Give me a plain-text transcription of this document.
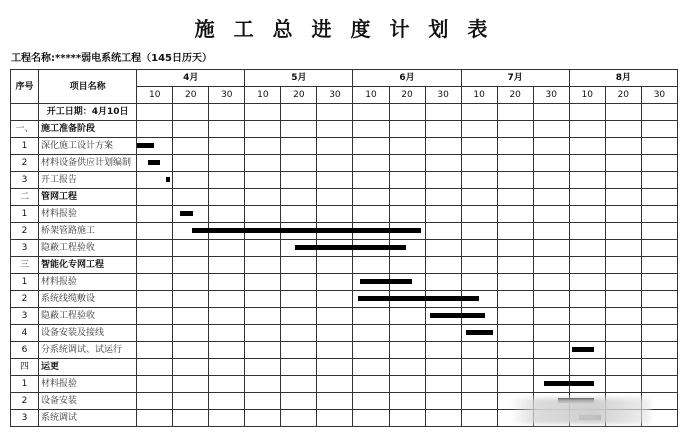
施 工 总 进 度 计 划 表
工程名称:*****弱电系统工程（145日历天）
序号	项目名称	4月			5月			6月			7月			8月		
		10	20	30	10	20	30	10	20	30	10	20	30	10	20	30
	开工日期：4月10日															
一、	施工准备阶段															
1	深化施工设计方案															
2	材料设备供应计划编制															
3	开工报告															
二	管网工程															
1	材料报验															
2	桥架管路施工															
3	隐蔽工程验收															
三	智能化专网工程															
1	材料报验															
2	系统线缆敷设															
3	隐蔽工程验收															
4	设备安装及接线															
6	分系统调试、试运行															
四	运更															
1	材料报验															
2	设备安装															
3	系统调试															
